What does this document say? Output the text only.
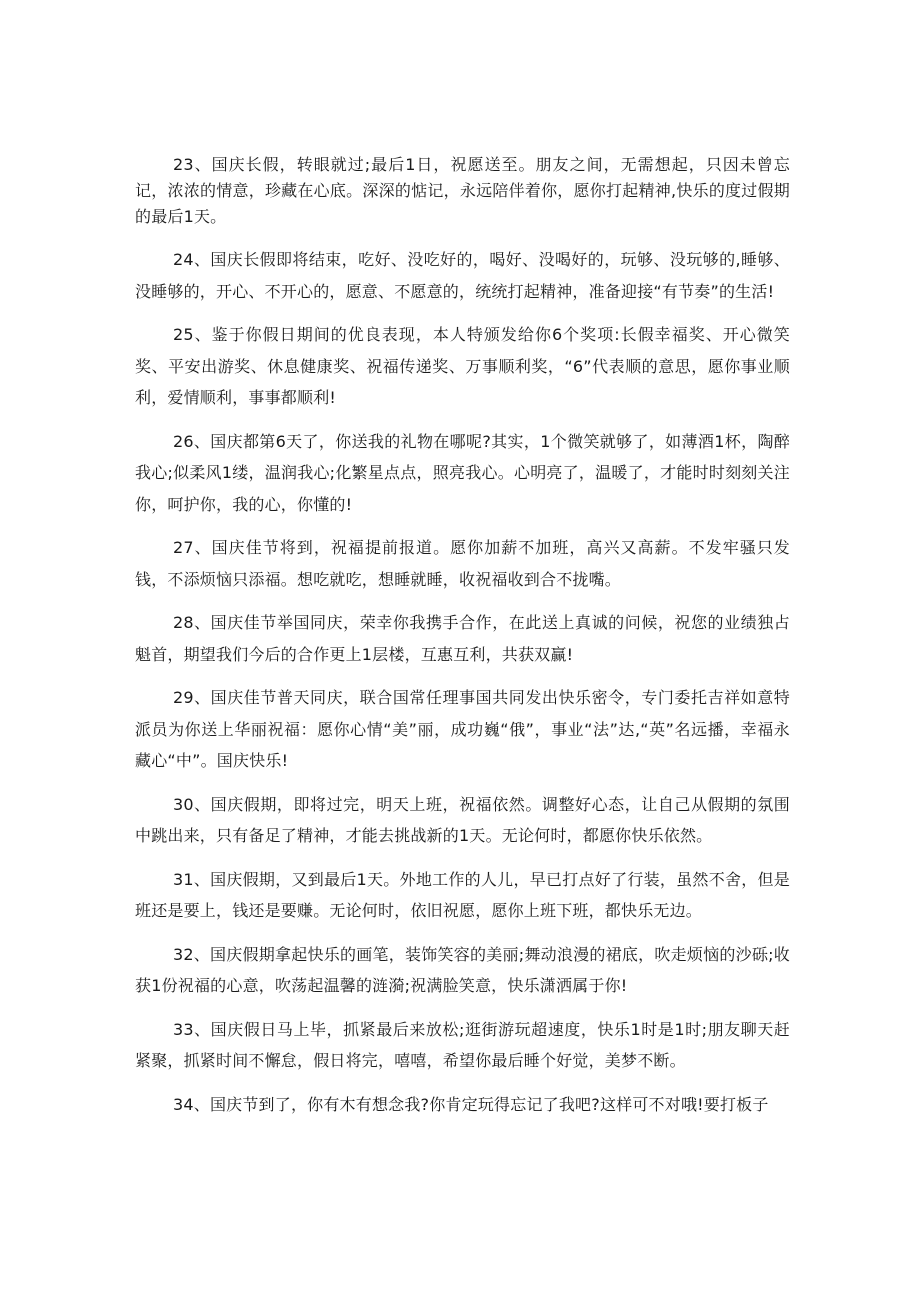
23、国庆长假，转眼就过;最后1日，祝愿送至。朋友之间，无需想起，只因未曾忘记，浓浓的情意，珍藏在心底。深深的惦记，永远陪伴着你，愿你打起精神,快乐的度过假期的最后1天。

24、国庆长假即将结束，吃好、没吃好的，喝好、没喝好的，玩够、没玩够的,睡够、没睡够的，开心、不开心的，愿意、不愿意的，统统打起精神，准备迎接“有节奏”的生活!

25、鉴于你假日期间的优良表现，本人特颁发给你6个奖项:长假幸福奖、开心微笑奖、平安出游奖、休息健康奖、祝福传递奖、万事顺利奖，“6”代表顺的意思，愿你事业顺利，爱情顺利，事事都顺利!

26、国庆都第6天了，你送我的礼物在哪呢?其实，1个微笑就够了，如薄酒1杯，陶醉我心;似柔风1缕，温润我心;化繁星点点，照亮我心。心明亮了，温暖了，才能时时刻刻关注你，呵护你，我的心，你懂的!

27、国庆佳节将到，祝福提前报道。愿你加薪不加班，高兴又高薪。不发牢骚只发钱，不添烦恼只添福。想吃就吃，想睡就睡，收祝福收到合不拢嘴。

28、国庆佳节举国同庆，荣幸你我携手合作，在此送上真诚的问候，祝您的业绩独占魁首，期望我们今后的合作更上1层楼，互惠互利，共获双赢!

29、国庆佳节普天同庆，联合国常任理事国共同发出快乐密令，专门委托吉祥如意特派员为你送上华丽祝福：愿你心情“美”丽，成功巍“俄”，事业“法”达,“英”名远播，幸福永藏心“中”。国庆快乐!

30、国庆假期，即将过完，明天上班，祝福依然。调整好心态，让自己从假期的氛围中跳出来，只有备足了精神，才能去挑战新的1天。无论何时，都愿你快乐依然。

31、国庆假期，又到最后1天。外地工作的人儿，早已打点好了行装，虽然不舍，但是班还是要上，钱还是要赚。无论何时，依旧祝愿，愿你上班下班，都快乐无边。

32、国庆假期拿起快乐的画笔，装饰笑容的美丽;舞动浪漫的裙底，吹走烦恼的沙砾;收获1份祝福的心意，吹荡起温馨的涟漪;祝满脸笑意，快乐潇洒属于你!

33、国庆假日马上毕，抓紧最后来放松;逛街游玩超速度，快乐1时是1时;朋友聊天赶紧聚，抓紧时间不懈怠，假日将完，嘻嘻，希望你最后睡个好觉，美梦不断。

34、国庆节到了，你有木有想念我?你肯定玩得忘记了我吧?这样可不对哦!要打板子
